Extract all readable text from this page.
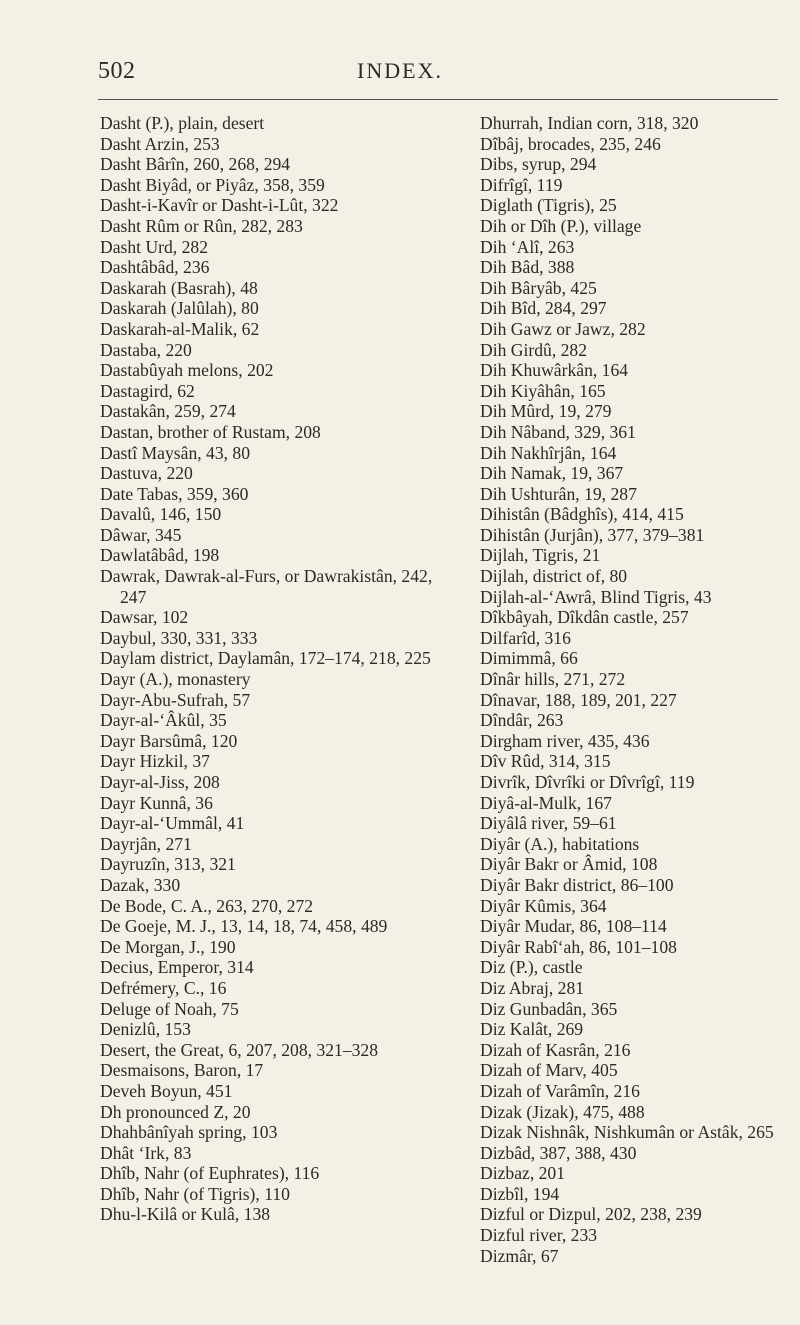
502	INDEX.
Dasht (P.), plain, desert
Dasht Arzin, 253
Dasht Bârîn, 260, 268, 294
Dasht Biyâd, or Piyâz, 358, 359
Dasht-i-Kavîr or Dasht-i-Lût, 322
Dasht Rûm or Rûn, 282, 283
Dasht Urd, 282
Dashtâbâd, 236
Daskarah (Basrah), 48
Daskarah (Jalûlah), 80
Daskarah-al-Malik, 62
Dastaba, 220
Dastabûyah melons, 202
Dastagird, 62
Dastakân, 259, 274
Dastan, brother of Rustam, 208
Dastî Maysân, 43, 80
Dastuva, 220
Date Tabas, 359, 360
Davalû, 146, 150
Dâwar, 345
Dawlatâbâd, 198
Dawrak, Dawrak-al-Furs, or Dawrakistân, 242, 247
Dawsar, 102
Daybul, 330, 331, 333
Daylam district, Daylamân, 172–174, 218, 225
Dayr (A.), monastery
Dayr-Abu-Sufrah, 57
Dayr-al-‘Âkûl, 35
Dayr Barsûmâ, 120
Dayr Hizkil, 37
Dayr-al-Jiss, 208
Dayr Kunnâ, 36
Dayr-al-‘Ummâl, 41
Dayrjân, 271
Dayruzîn, 313, 321
Dazak, 330
De Bode, C. A., 263, 270, 272
De Goeje, M. J., 13, 14, 18, 74, 458, 489
De Morgan, J., 190
Decius, Emperor, 314
Defrémery, C., 16
Deluge of Noah, 75
Denizlû, 153
Desert, the Great, 6, 207, 208, 321–328
Desmaisons, Baron, 17
Deveh Boyun, 451
Dh pronounced Z, 20
Dhahbânîyah spring, 103
Dhât ‘Irk, 83
Dhîb, Nahr (of Euphrates), 116
Dhîb, Nahr (of Tigris), 110
Dhu-l-Kilâ or Kulâ, 138
Dhurrah, Indian corn, 318, 320
Dîbâj, brocades, 235, 246
Dibs, syrup, 294
Difrîgî, 119
Diglath (Tigris), 25
Dih or Dîh (P.), village
Dih ‘Alî, 263
Dih Bâd, 388
Dih Bâryâb, 425
Dih Bîd, 284, 297
Dih Gawz or Jawz, 282
Dih Girdû, 282
Dih Khuwârkân, 164
Dih Kiyâhân, 165
Dih Mûrd, 19, 279
Dih Nâband, 329, 361
Dih Nakhîrjân, 164
Dih Namak, 19, 367
Dih Ushturân, 19, 287
Dihistân (Bâdghîs), 414, 415
Dihistân (Jurjân), 377, 379–381
Dijlah, Tigris, 21
Dijlah, district of, 80
Dijlah-al-‘Awrâ, Blind Tigris, 43
Dîkbâyah, Dîkdân castle, 257
Dilfarîd, 316
Dimimmâ, 66
Dînâr hills, 271, 272
Dînavar, 188, 189, 201, 227
Dîndâr, 263
Dirgham river, 435, 436
Dîv Rûd, 314, 315
Divrîk, Dîvrîki or Dîvrîgî, 119
Diyâ-al-Mulk, 167
Diyâlâ river, 59–61
Diyâr (A.), habitations
Diyâr Bakr or Âmid, 108
Diyâr Bakr district, 86–100
Diyâr Kûmis, 364
Diyâr Mudar, 86, 108–114
Diyâr Rabî‘ah, 86, 101–108
Diz (P.), castle
Diz Abraj, 281
Diz Gunbadân, 365
Diz Kalât, 269
Dizah of Kasrân, 216
Dizah of Marv, 405
Dizah of Varâmîn, 216
Dizak (Jizak), 475, 488
Dizak Nishnâk, Nishkumân or Astâk, 265
Dizbâd, 387, 388, 430
Dizbaz, 201
Dizbîl, 194
Dizful or Dizpul, 202, 238, 239
Dizful river, 233
Dizmâr, 67
